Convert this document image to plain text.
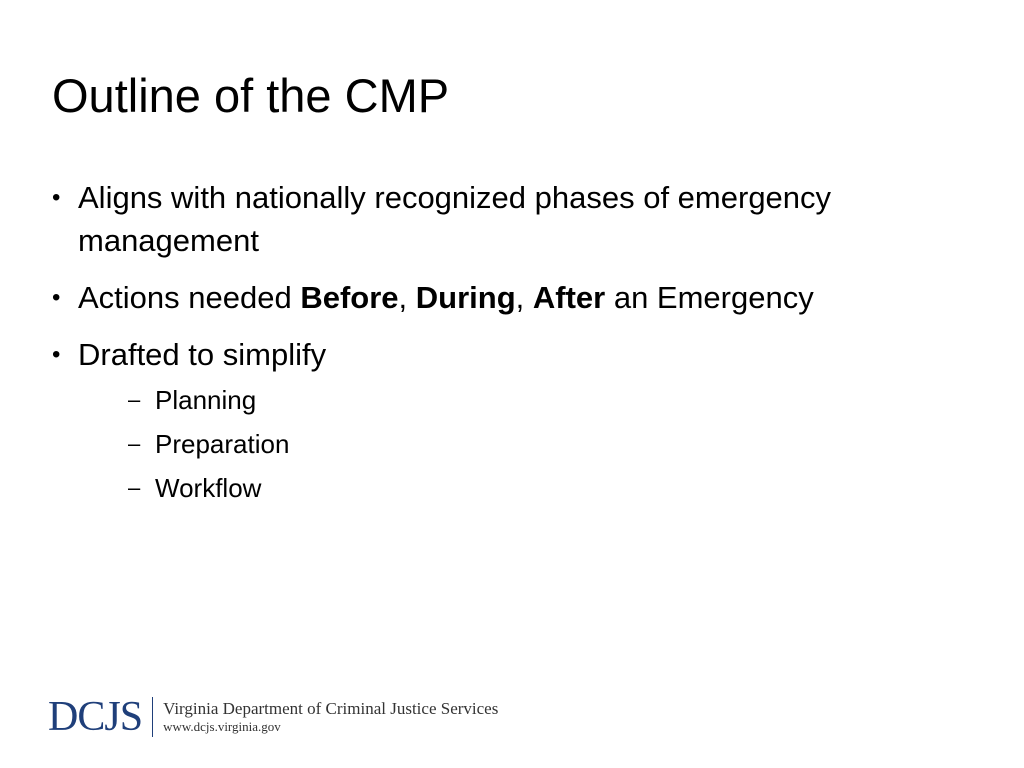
Outline of the CMP
• Aligns with nationally recognized phases of emergency management
• Actions needed Before, During, After an Emergency
• Drafted to simplify
– Planning
– Preparation
– Workflow
DCJS	Virginia Department of Criminal Justice Services
www.dcjs.virginia.gov
